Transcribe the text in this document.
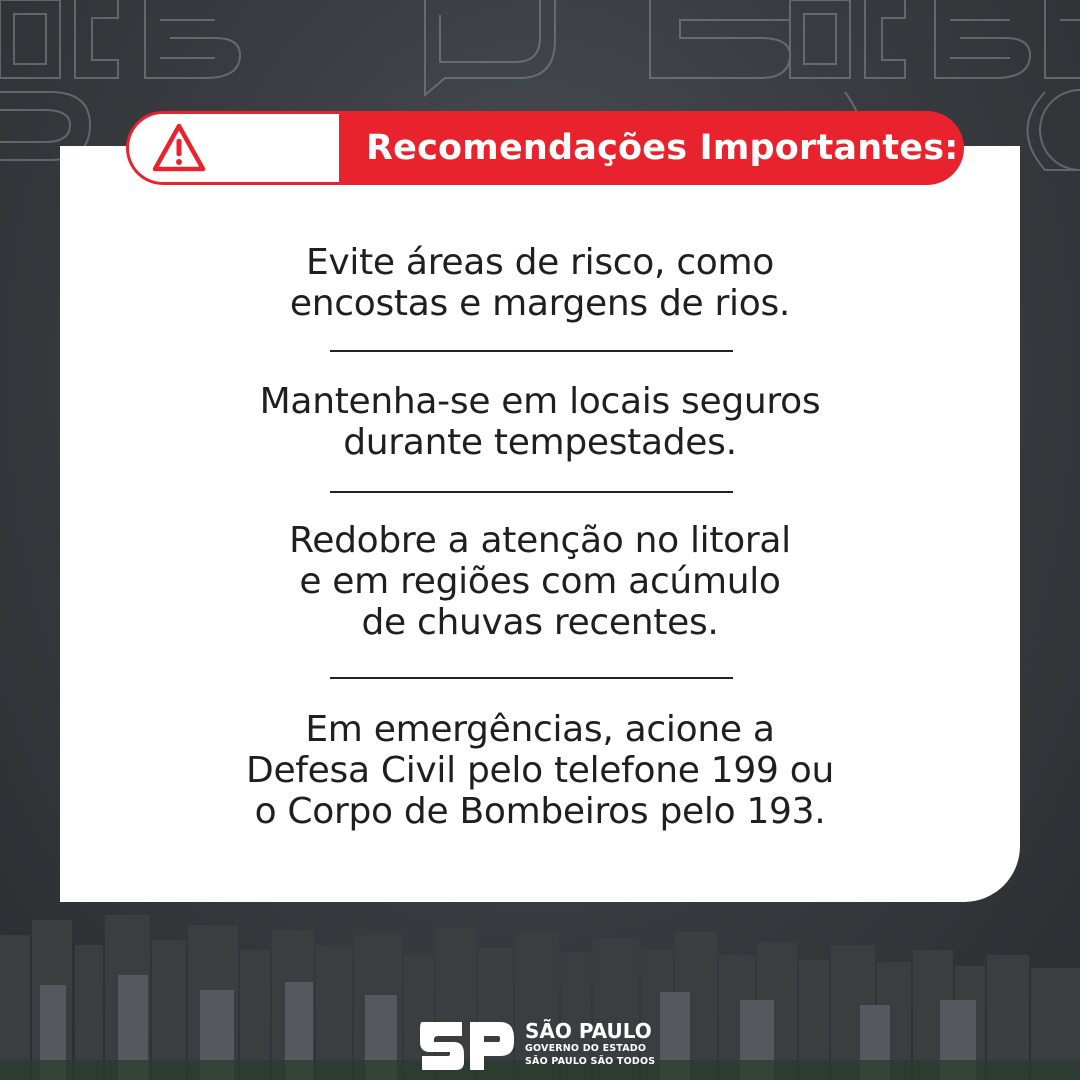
Recomendações Importantes:
Evite áreas de risco, como
encostas e margens de rios.
Mantenha-se em locais seguros
durante tempestades.
Redobre a atenção no litoral
e em regiões com acúmulo
de chuvas recentes.
Em emergências, acione a
Defesa Civil pelo telefone 199 ou
o Corpo de Bombeiros pelo 193.
SÃO PAULO
GOVERNO DO ESTADO
SÃO PAULO SÃO TODOS
